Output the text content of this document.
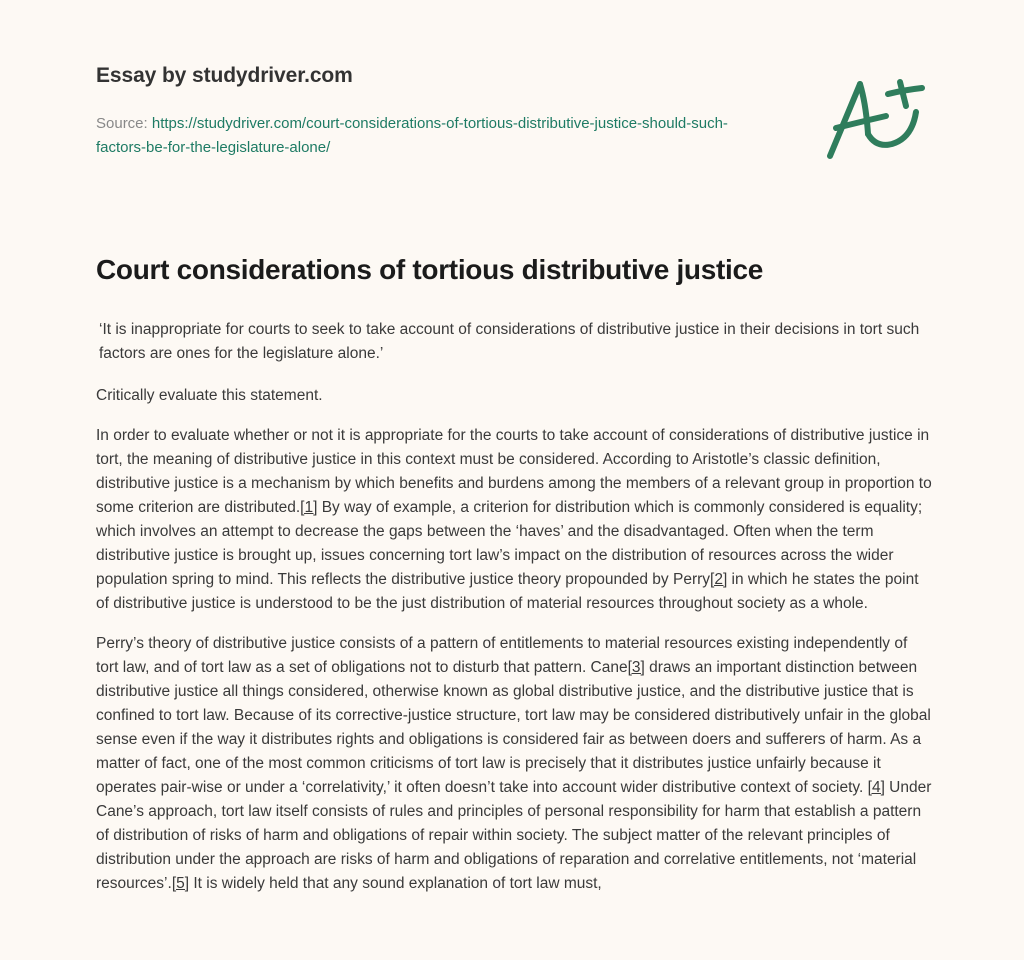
Essay by studydriver.com
Source: https://studydriver.com/court-considerations-of-tortious-distributive-justice-should-such-factors-be-for-the-legislature-alone/
Court considerations of tortious distributive justice
‘It is inappropriate for courts to seek to take account of considerations of distributive justice in their decisions in tort such factors are ones for the legislature alone.’

Critically evaluate this statement.

In order to evaluate whether or not it is appropriate for the courts to take account of considerations of distributive justice in tort, the meaning of distributive justice in this context must be considered. According to Aristotle’s classic definition, distributive justice is a mechanism by which benefits and burdens among the members of a relevant group in proportion to some criterion are distributed.[1] By way of example, a criterion for distribution which is commonly considered is equality; which involves an attempt to decrease the gaps between the ‘haves’ and the disadvantaged. Often when the term distributive justice is brought up, issues concerning tort law’s impact on the distribution of resources across the wider population spring to mind. This reflects the distributive justice theory propounded by Perry[2] in which he states the point of distributive justice is understood to be the just distribution of material resources throughout society as a whole.

Perry’s theory of distributive justice consists of a pattern of entitlements to material resources existing independently of tort law, and of tort law as a set of obligations not to disturb that pattern. Cane[3] draws an important distinction between distributive justice all things considered, otherwise known as global distributive justice, and the distributive justice that is confined to tort law. Because of its corrective-justice structure, tort law may be considered distributively unfair in the global sense even if the way it distributes rights and obligations is considered fair as between doers and sufferers of harm. As a matter of fact, one of the most common criticisms of tort law is precisely that it distributes justice unfairly because it operates pair-wise or under a ‘correlativity,’ it often doesn’t take into account wider distributive context of society. [4] Under Cane’s approach, tort law itself consists of rules and principles of personal responsibility for harm that establish a pattern of distribution of risks of harm and obligations of repair within society. The subject matter of the relevant principles of distribution under the approach are risks of harm and obligations of reparation and correlative entitlements, not ‘material resources’.[5] It is widely held that any sound explanation of tort law must,
